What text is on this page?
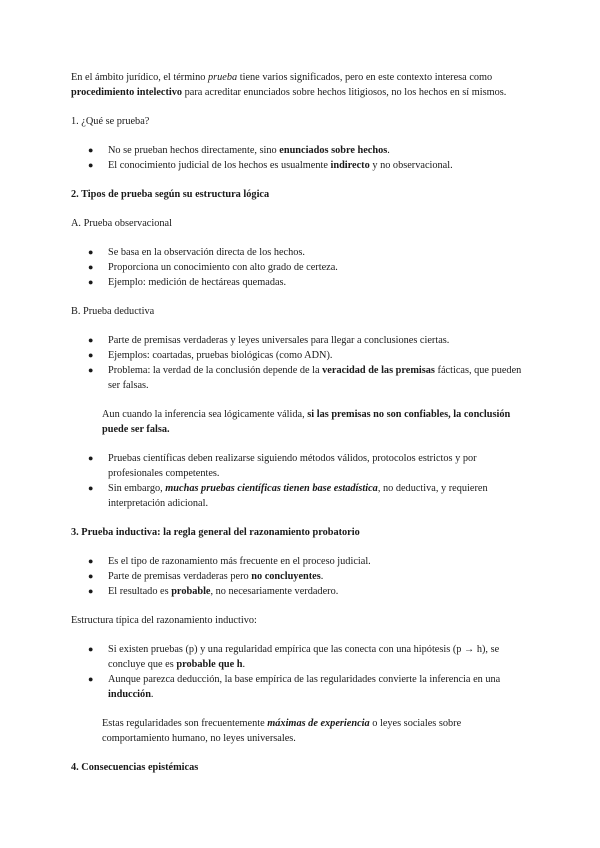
En el ámbito jurídico, el término prueba tiene varios significados, pero en este contexto interesa como procedimiento intelectivo para acreditar enunciados sobre hechos litigiosos, no los hechos en sí mismos.

1. ¿Qué se prueba?

● No se prueban hechos directamente, sino enunciados sobre hechos.
● El conocimiento judicial de los hechos es usualmente indirecto y no observacional.

2. Tipos de prueba según su estructura lógica

A. Prueba observacional

● Se basa en la observación directa de los hechos.
● Proporciona un conocimiento con alto grado de certeza.
● Ejemplo: medición de hectáreas quemadas.

B. Prueba deductiva

● Parte de premisas verdaderas y leyes universales para llegar a conclusiones ciertas.
● Ejemplos: coartadas, pruebas biológicas (como ADN).
● Problema: la verdad de la conclusión depende de la veracidad de las premisas fácticas, que pueden ser falsas.

Aun cuando la inferencia sea lógicamente válida, si las premisas no son confiables, la conclusión puede ser falsa.

● Pruebas científicas deben realizarse siguiendo métodos válidos, protocolos estrictos y por profesionales competentes.
● Sin embargo, muchas pruebas científicas tienen base estadística, no deductiva, y requieren interpretación adicional.

3. Prueba inductiva: la regla general del razonamiento probatorio

● Es el tipo de razonamiento más frecuente en el proceso judicial.
● Parte de premisas verdaderas pero no concluyentes.
● El resultado es probable, no necesariamente verdadero.

Estructura típica del razonamiento inductivo:

● Si existen pruebas (p) y una regularidad empírica que las conecta con una hipótesis (p → h), se concluye que es probable que h.
● Aunque parezca deducción, la base empírica de las regularidades convierte la inferencia en una inducción.

Estas regularidades son frecuentemente máximas de experiencia o leyes sociales sobre comportamiento humano, no leyes universales.

4. Consecuencias epistémicas
